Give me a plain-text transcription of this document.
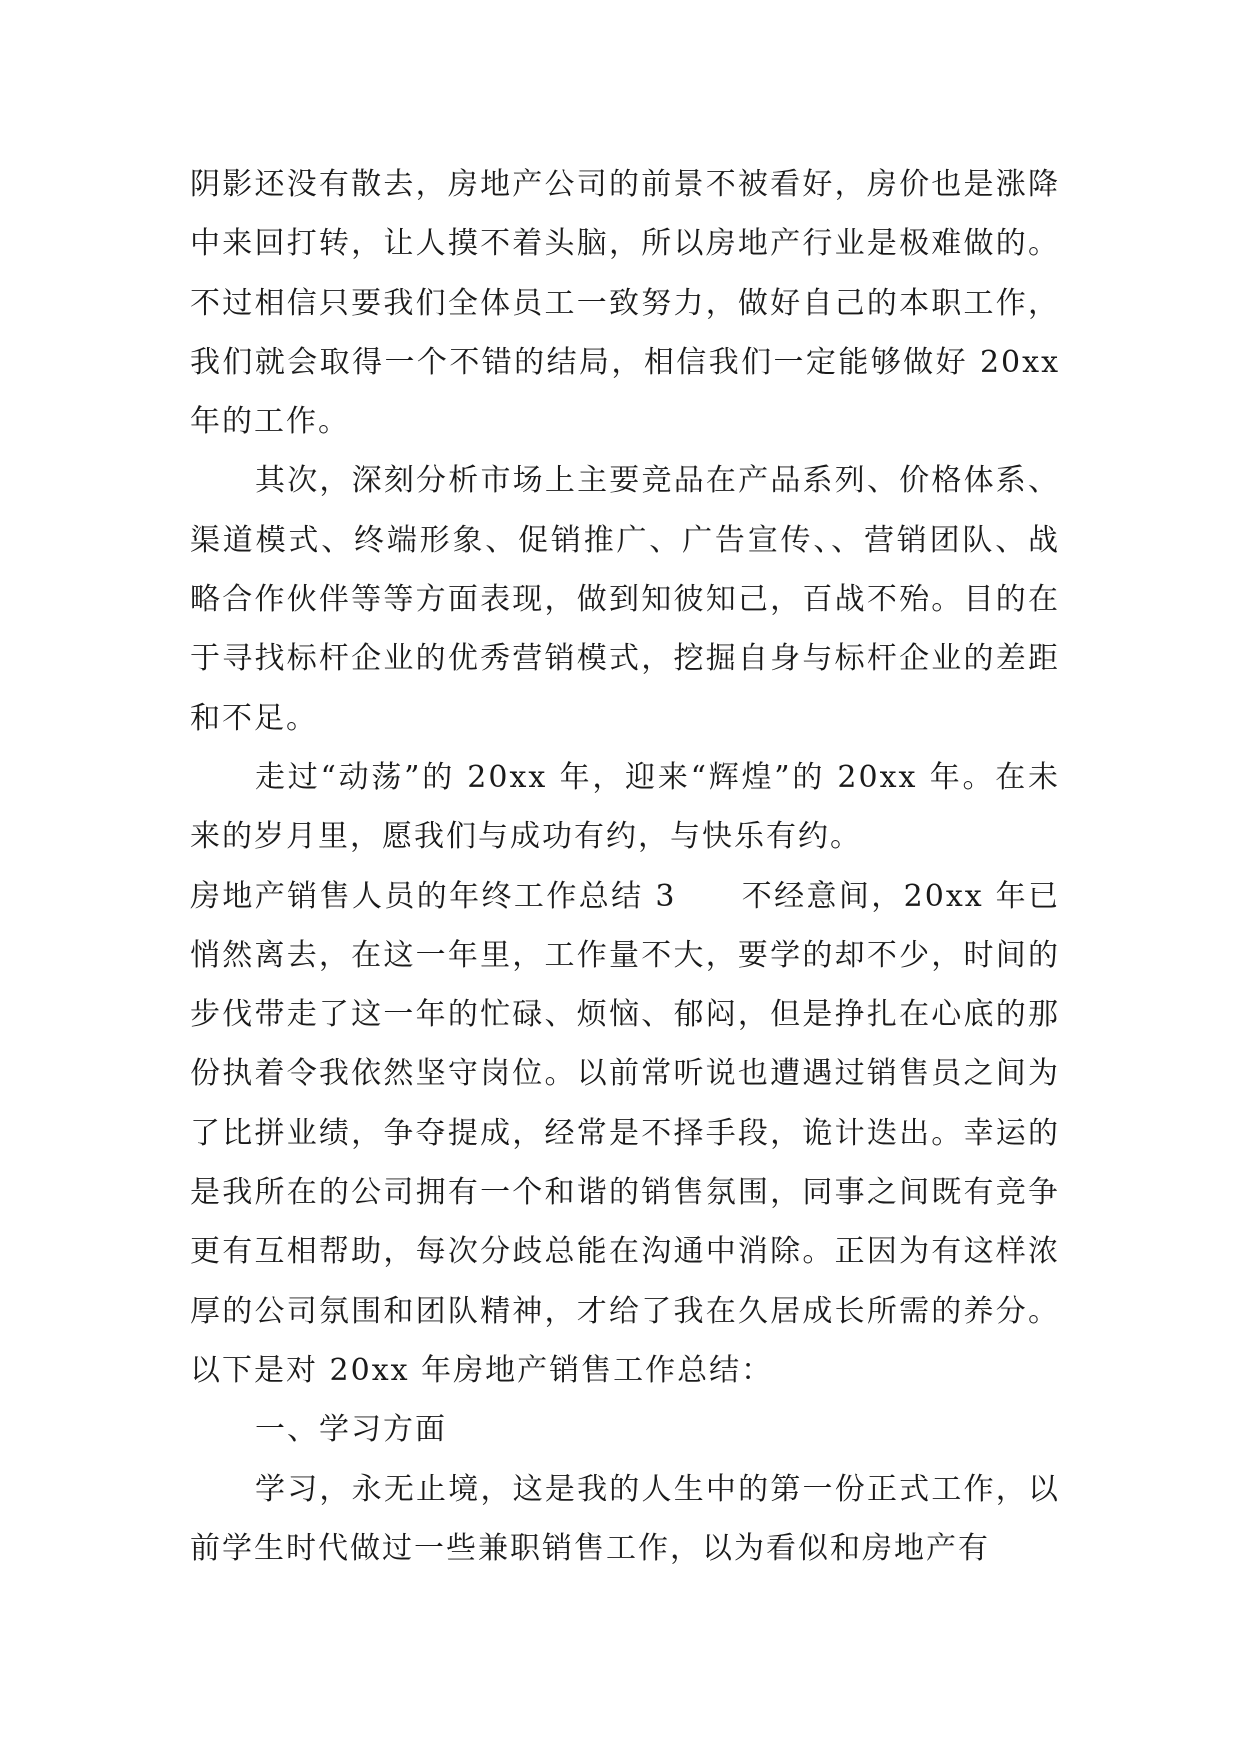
阴影还没有散去，房地产公司的前景不被看好，房价也是涨降中来回打转，让人摸不着头脑，所以房地产行业是极难做的。不过相信只要我们全体员工一致努力，做好自己的本职工作，我们就会取得一个不错的结局，相信我们一定能够做好 20xx 年的工作。

其次，深刻分析市场上主要竞品在产品系列、价格体系、渠道模式、终端形象、促销推广、广告宣传、、营销团队、战略合作伙伴等等方面表现，做到知彼知己，百战不殆。目的在于寻找标杆企业的优秀营销模式，挖掘自身与标杆企业的差距和不足。

走过“动荡”的 20xx 年，迎来“辉煌”的 20xx 年。在未来的岁月里，愿我们与成功有约，与快乐有约。

房地产销售人员的年终工作总结 3　　不经意间，20xx 年已悄然离去，在这一年里，工作量不大，要学的却不少，时间的步伐带走了这一年的忙碌、烦恼、郁闷，但是挣扎在心底的那份执着令我依然坚守岗位。以前常听说也遭遇过销售员之间为了比拼业绩，争夺提成，经常是不择手段，诡计迭出。幸运的是我所在的公司拥有一个和谐的销售氛围，同事之间既有竞争更有互相帮助，每次分歧总能在沟通中消除。正因为有这样浓厚的公司氛围和团队精神，才给了我在久居成长所需的养分。以下是对 20xx 年房地产销售工作总结：

一、学习方面

学习，永无止境，这是我的人生中的第一份正式工作，以前学生时代做过一些兼职销售工作，以为看似和房地产有
